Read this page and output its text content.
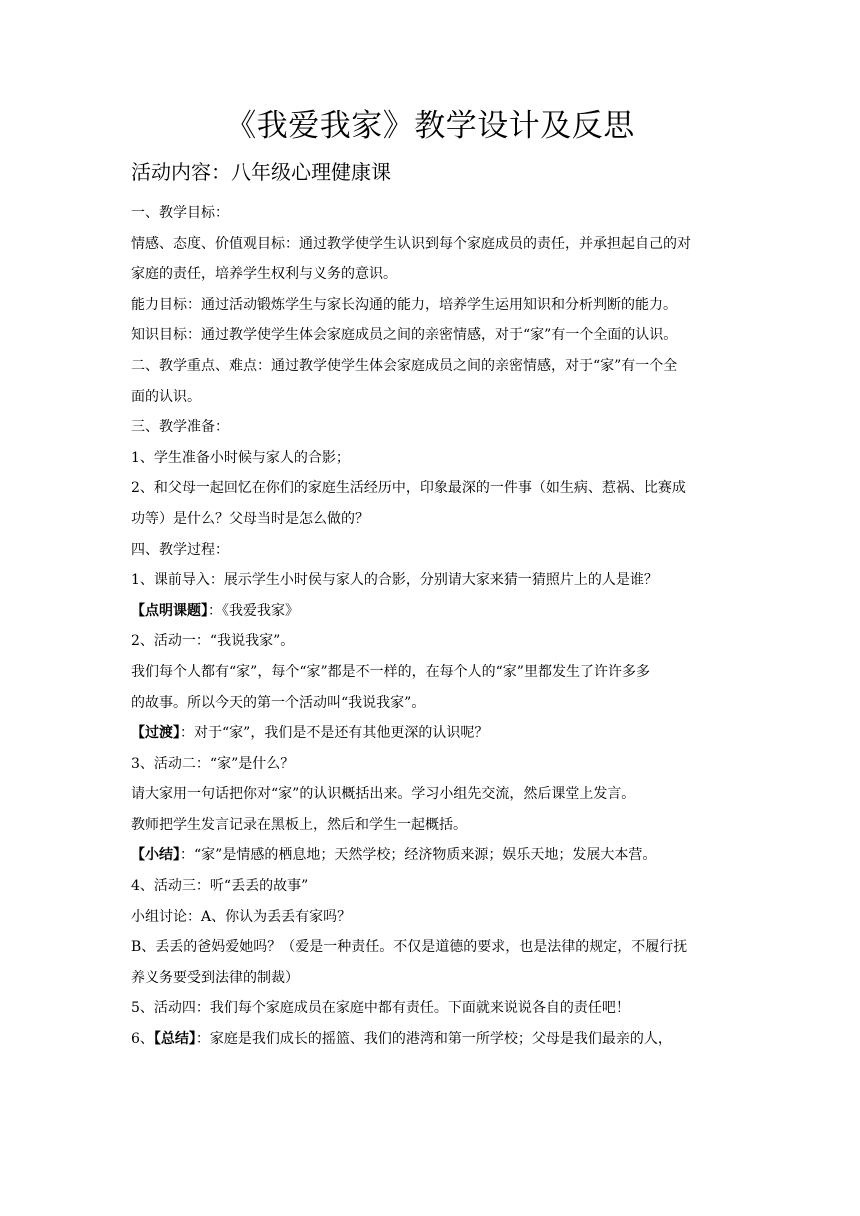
《我爱我家》教学设计及反思
活动内容：八年级心理健康课
一、教学目标：
情感、态度、价值观目标：通过教学使学生认识到每个家庭成员的责任，并承担起自己的对
家庭的责任，培养学生权利与义务的意识。
能力目标：通过活动锻炼学生与家长沟通的能力，培养学生运用知识和分析判断的能力。
知识目标：通过教学使学生体会家庭成员之间的亲密情感，对于“家”有一个全面的认识。
二、教学重点、难点：通过教学使学生体会家庭成员之间的亲密情感，对于“家”有一个全
面的认识。
三、教学准备：
1、学生准备小时候与家人的合影；
2、和父母一起回忆在你们的家庭生活经历中，印象最深的一件事（如生病、惹祸、比赛成
功等）是什么？父母当时是怎么做的？
四、教学过程：
1、课前导入：展示学生小时侯与家人的合影，分别请大家来猜一猜照片上的人是谁？
【点明课题】：《我爱我家》
2、活动一：“我说我家”。
我们每个人都有“家”，每个“家”都是不一样的，在每个人的“家”里都发生了许许多多
的故事。所以今天的第一个活动叫“我说我家”。
【过渡】：对于“家”，我们是不是还有其他更深的认识呢？
3、活动二：“家”是什么？
请大家用一句话把你对“家”的认识概括出来。学习小组先交流，然后课堂上发言。
教师把学生发言记录在黑板上，然后和学生一起概括。
【小结】：“家”是情感的栖息地；天然学校；经济物质来源；娱乐天地；发展大本营。
4、活动三：听“丢丢的故事”
小组讨论：A、你认为丢丢有家吗？
B、丢丢的爸妈爱她吗？（爱是一种责任。不仅是道德的要求，也是法律的规定，不履行抚
养义务要受到法律的制裁）
5、活动四：我们每个家庭成员在家庭中都有责任。下面就来说说各自的责任吧！
6、【总结】：家庭是我们成长的摇篮、我们的港湾和第一所学校；父母是我们最亲的人，
